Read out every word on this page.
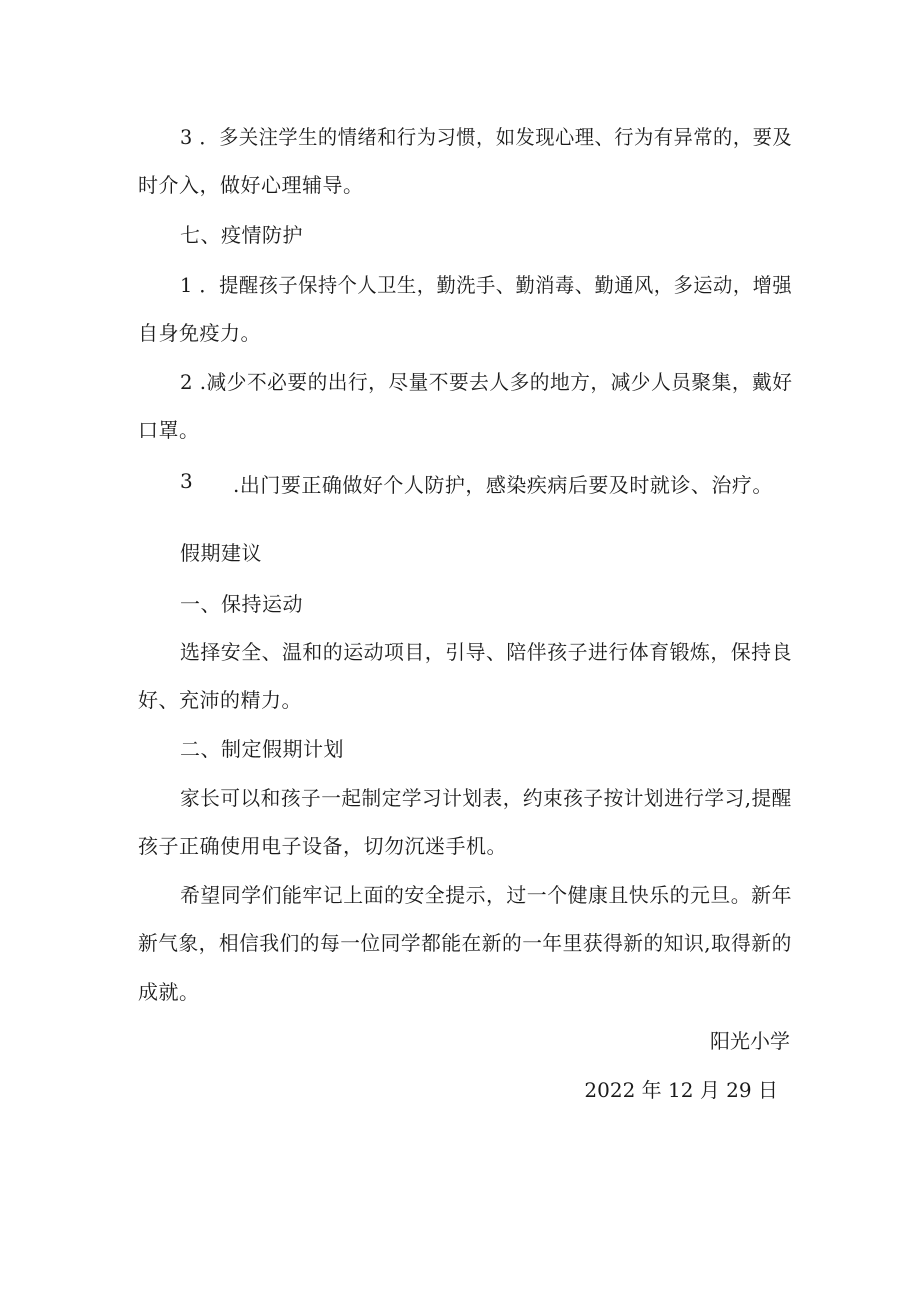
3 ．多关注学生的情绪和行为习惯，如发现心理、行为有异常的，要及
时介入，做好心理辅导。
七、疫情防护
1 ．提醒孩子保持个人卫生，勤洗手、勤消毒、勤通风，多运动，增强
自身免疫力。
2 .减少不必要的出行，尽量不要去人多的地方，减少人员聚集，戴好
口罩。
3 .出门要正确做好个人防护，感染疾病后要及时就诊、治疗。
假期建议
一、保持运动
选择安全、温和的运动项目，引导、陪伴孩子进行体育锻炼，保持良
好、充沛的精力。
二、制定假期计划
家长可以和孩子一起制定学习计划表，约束孩子按计划进行学习,提醒
孩子正确使用电子设备，切勿沉迷手机。
希望同学们能牢记上面的安全提示，过一个健康且快乐的元旦。新年
新气象，相信我们的每一位同学都能在新的一年里获得新的知识,取得新的
成就。
阳光小学
2022 年 12 月 29 日
